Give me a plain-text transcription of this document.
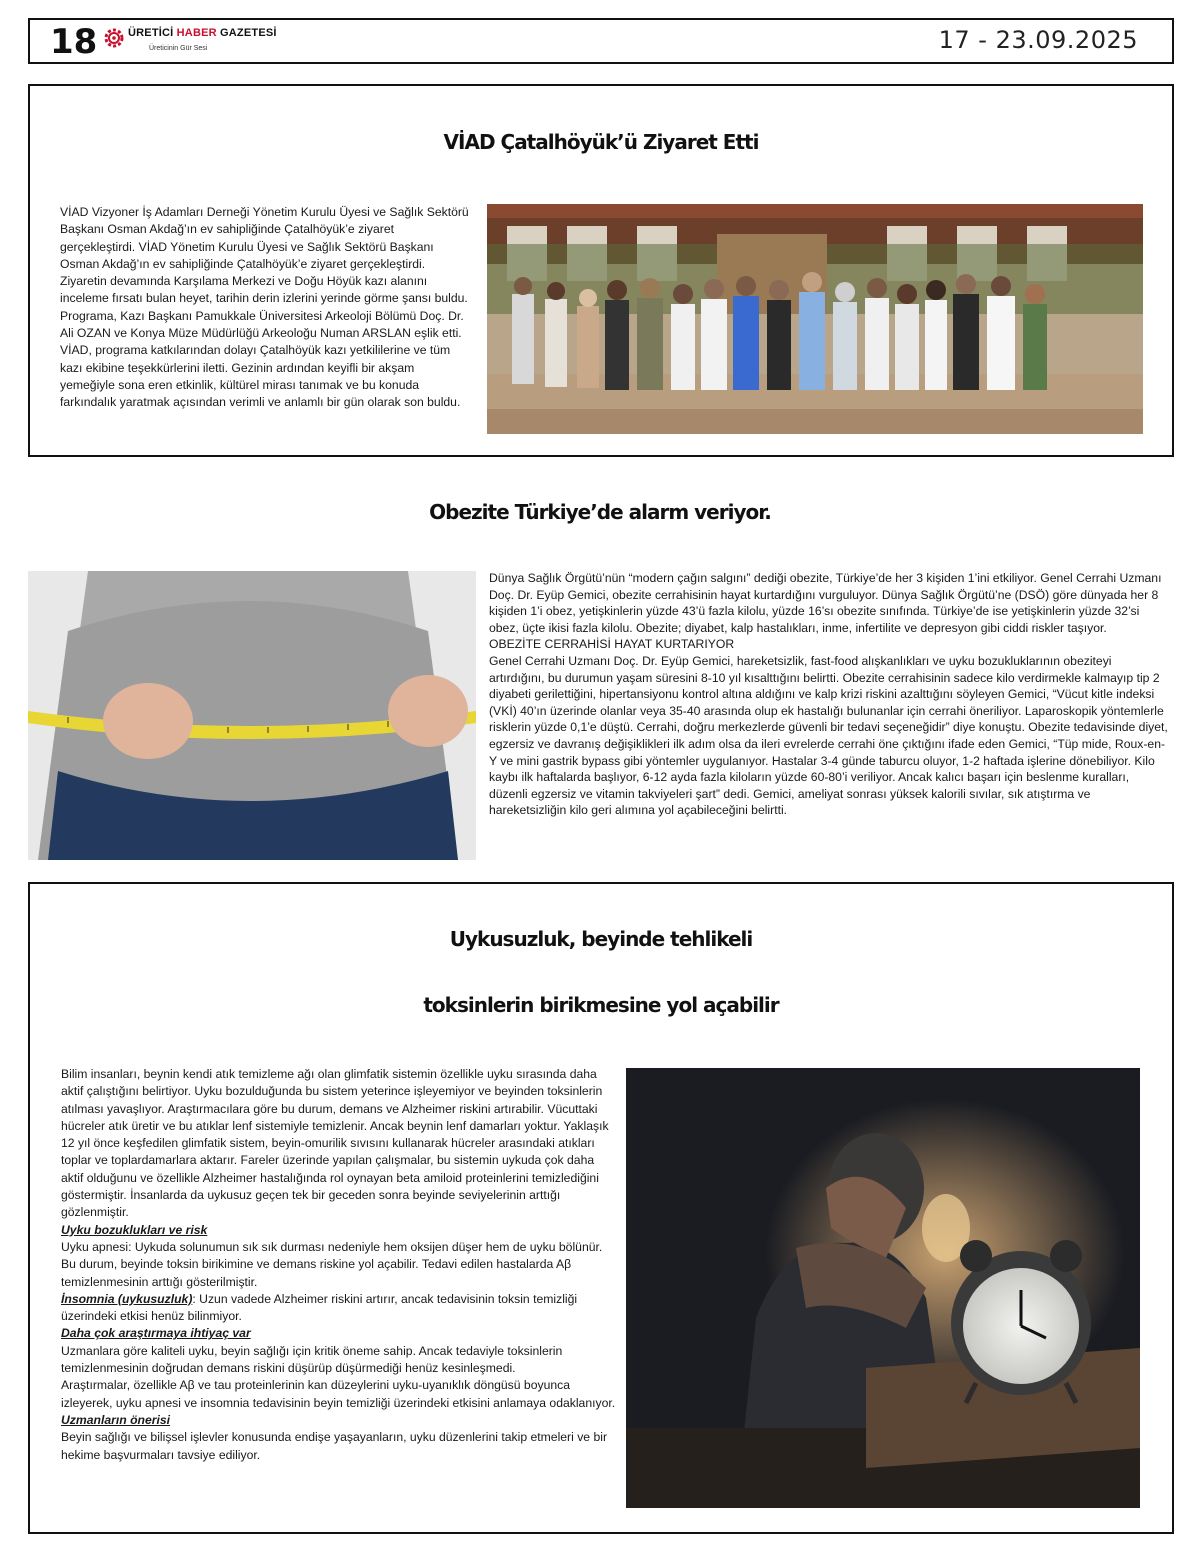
18	ÜRETİCİ HABER GAZETESİ
Üreticinin Gür Sesi	17 - 23.09.2025
VİAD Çatalhöyük’ü Ziyaret Etti
VİAD Vizyoner İş Adamları Derneği Yönetim Kurulu Üyesi ve Sağlık Sektörü Başkanı Osman Akdağ’ın ev sahipliğinde Çatalhöyük’e ziyaret gerçekleştirdi. VİAD Yönetim Kurulu Üyesi ve Sağlık Sektörü Başkanı Osman Akdağ’ın ev sahipliğinde Çatalhöyük’e ziyaret gerçekleştirdi. Ziyaretin devamında Karşılama Merkezi ve Doğu Höyük kazı alanını inceleme fırsatı bulan heyet, tarihin derin izlerini yerinde görme şansı buldu. Programa, Kazı Başkanı Pamukkale Üniversitesi Arkeoloji Bölümü Doç. Dr. Ali OZAN ve Konya Müze Müdürlüğü Arkeoloğu Numan ARSLAN eşlik etti. VİAD, programa katkılarından dolayı Çatalhöyük kazı yetkililerine ve tüm kazı ekibine teşekkürlerini iletti. Gezinin ardından keyifli bir akşam yemeğiyle sona eren etkinlik, kültürel mirası tanımak ve bu konuda farkındalık yaratmak açısından verimli ve anlamlı bir gün olarak son buldu.
Obezite Türkiye’de alarm veriyor.

Dünya Sağlık Örgütü’nün “modern çağın salgını” dediği obezite, Türkiye’de her 3 kişiden 1’ini etkiliyor. Genel Cerrahi Uzmanı Doç. Dr. Eyüp Gemici, obezite cerrahisinin hayat kurtardığını vurguluyor. Dünya Sağlık Örgütü’ne (DSÖ) göre dünyada her 8 kişiden 1’i obez, yetişkinlerin yüzde 43’ü fazla kilolu, yüzde 16’sı obezite sınıfında. Türkiye’de ise yetişkinlerin yüzde 32’si obez, üçte ikisi fazla kilolu. Obezite; diyabet, kalp hastalıkları, inme, infertilite ve depresyon gibi ciddi riskler taşıyor.

OBEZİTE CERRAHİSİ HAYAT KURTARIYOR

Genel Cerrahi Uzmanı Doç. Dr. Eyüp Gemici, hareketsizlik, fast-food alışkanlıkları ve uyku bozukluklarının obeziteyi artırdığını, bu durumun yaşam süresini 8-10 yıl kısalttığını belirtti. Obezite cerrahisinin sadece kilo verdirmekle kalmayıp tip 2 diyabeti gerilettiğini, hipertansiyonu kontrol altına aldığını ve kalp krizi riskini azalttığını söyleyen Gemici, “Vücut kitle indeksi (VKİ) 40’ın üzerinde olanlar veya 35-40 arasında olup ek hastalığı bulunanlar için cerrahi öneriliyor. Laparoskopik yöntemlerle risklerin yüzde 0,1’e düştü. Cerrahi, doğru merkezlerde güvenli bir tedavi seçeneğidir” diye konuştu. Obezite tedavisinde diyet, egzersiz ve davranış değişiklikleri ilk adım olsa da ileri evrelerde cerrahi öne çıktığını ifade eden Gemici, “Tüp mide, Roux-en-Y ve mini gastrik bypass gibi yöntemler uygulanıyor. Hastalar 3-4 günde taburcu oluyor, 1-2 haftada işlerine dönebiliyor. Kilo kaybı ilk haftalarda başlıyor, 6-12 ayda fazla kiloların yüzde 60-80’i veriliyor. Ancak kalıcı başarı için beslenme kuralları, düzenli egzersiz ve vitamin takviyeleri şart” dedi. Gemici, ameliyat sonrası yüksek kalorili sıvılar, sık atıştırma ve hareketsizliğin kilo geri alımına yol açabileceğini belirtti.

Uykusuzluk, beyinde tehlikeli
toksinlerin birikmesine yol açabilir

Bilim insanları, beynin kendi atık temizleme ağı olan glimfatik sistemin özellikle uyku sırasında daha aktif çalıştığını belirtiyor. Uyku bozulduğunda bu sistem yeterince işleyemiyor ve beyinden toksinlerin atılması yavaşlıyor. Araştırmacılara göre bu durum, demans ve Alzheimer riskini artırabilir. Vücuttaki hücreler atık üretir ve bu atıklar lenf sistemiyle temizlenir. Ancak beynin lenf damarları yoktur. Yaklaşık 12 yıl önce keşfedilen glimfatik sistem, beyin-omurilik sıvısını kullanarak hücreler arasındaki atıkları toplar ve toplardamarlara aktarır. Fareler üzerinde yapılan çalışmalar, bu sistemin uykuda çok daha aktif olduğunu ve özellikle Alzheimer hastalığında rol oynayan beta amiloid proteinlerini temizlediğini göstermiştir. İnsanlarda da uykusuz geçen tek bir geceden sonra beyinde seviyelerinin arttığı gözlenmiştir.

Uyku bozuklukları ve risk

Uyku apnesi: Uykuda solunumun sık sık durması nedeniyle hem oksijen düşer hem de uyku bölünür. Bu durum, beyinde toksin birikimine ve demans riskine yol açabilir. Tedavi edilen hastalarda Aβ temizlenmesinin arttığı gösterilmiştir.

İnsomnia (uykusuzluk): Uzun vadede Alzheimer riskini artırır, ancak tedavisinin toksin temizliği üzerindeki etkisi henüz bilinmiyor.

Daha çok araştırmaya ihtiyaç var

Uzmanlara göre kaliteli uyku, beyin sağlığı için kritik öneme sahip. Ancak tedaviyle toksinlerin temizlenmesinin doğrudan demans riskini düşürüp düşürmediği henüz kesinleşmedi.

Araştırmalar, özellikle Aβ ve tau proteinlerinin kan düzeylerini uyku-uyanıklık döngüsü boyunca izleyerek, uyku apnesi ve insomnia tedavisinin beyin temizliği üzerindeki etkisini anlamaya odaklanıyor.

Uzmanların önerisi

Beyin sağlığı ve bilişsel işlevler konusunda endişe yaşayanların, uyku düzenlerini takip etmeleri ve bir hekime başvurmaları tavsiye ediliyor.
